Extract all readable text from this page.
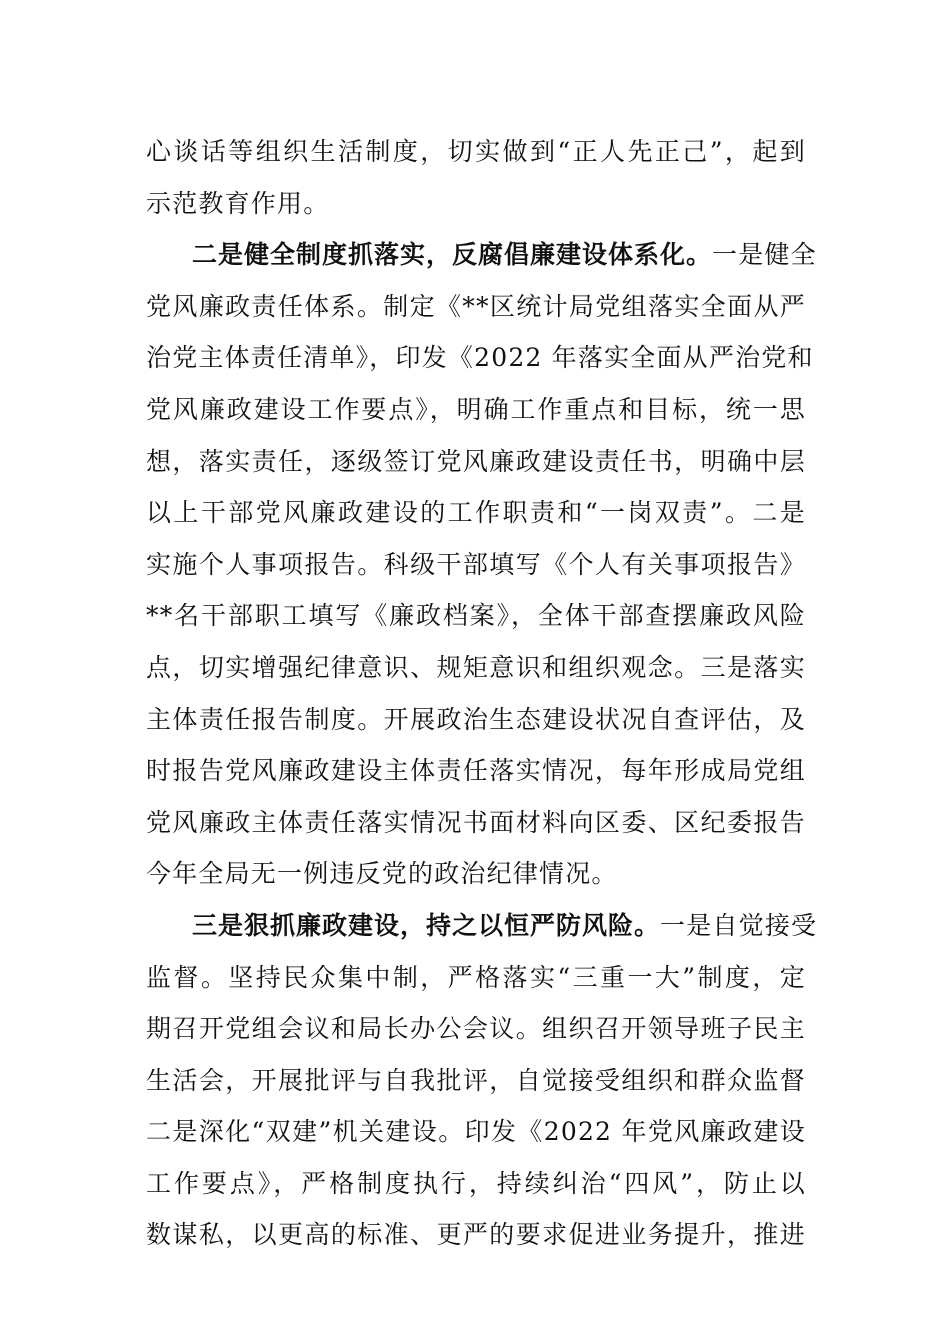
心谈话等组织生活制度，切实做到“正人先正己”，起到
示范教育作用。
二是健全制度抓落实，反腐倡廉建设体系化。一是健全
党风廉政责任体系。制定《**区统计局党组落实全面从严
治党主体责任清单》，印发《2022 年落实全面从严治党和
党风廉政建设工作要点》，明确工作重点和目标，统一思
想，落实责任，逐级签订党风廉政建设责任书，明确中层
以上干部党风廉政建设的工作职责和“一岗双责”。二是
实施个人事项报告。科级干部填写《个人有关事项报告》
**名干部职工填写《廉政档案》，全体干部查摆廉政风险
点，切实增强纪律意识、规矩意识和组织观念。三是落实
主体责任报告制度。开展政治生态建设状况自查评估，及
时报告党风廉政建设主体责任落实情况，每年形成局党组
党风廉政主体责任落实情况书面材料向区委、区纪委报告
今年全局无一例违反党的政治纪律情况。
三是狠抓廉政建设，持之以恒严防风险。一是自觉接受
监督。坚持民众集中制，严格落实“三重一大”制度，定
期召开党组会议和局长办公会议。组织召开领导班子民主
生活会，开展批评与自我批评，自觉接受组织和群众监督
二是深化“双建”机关建设。印发《2022 年党风廉政建设
工作要点》，严格制度执行，持续纠治“四风”，防止以
数谋私，以更高的标准、更严的要求促进业务提升，推进
